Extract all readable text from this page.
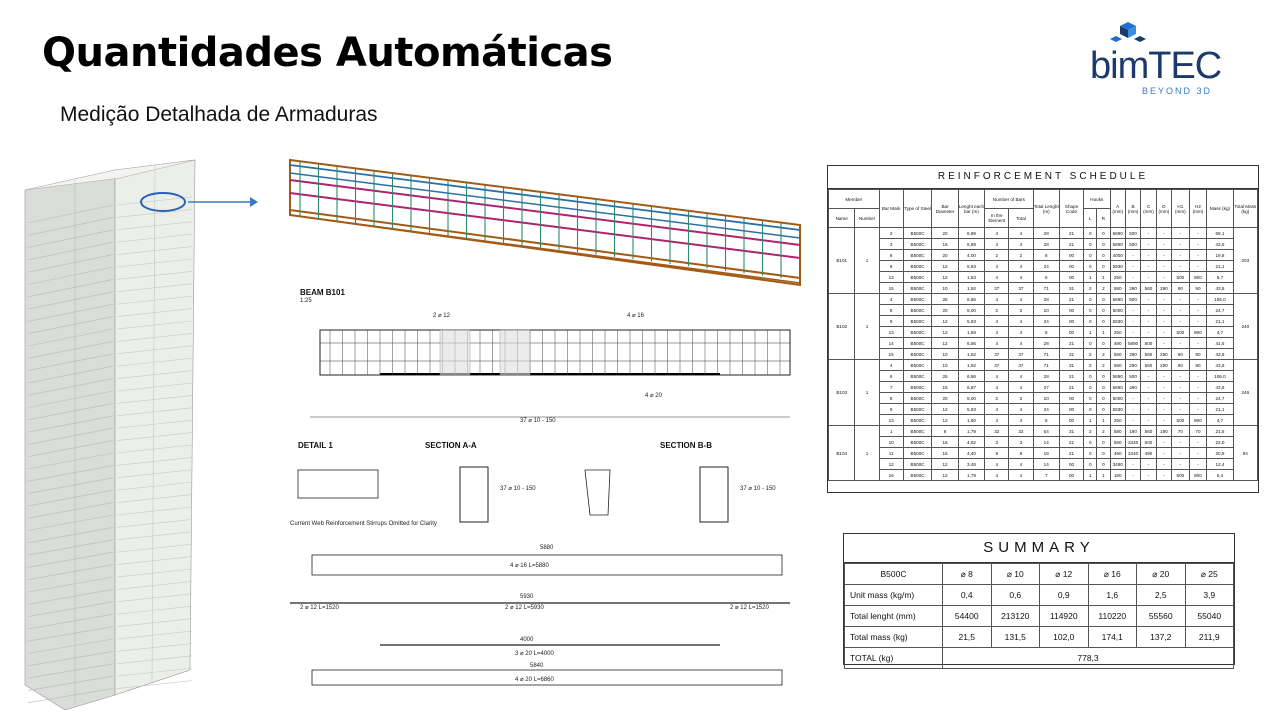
Quantidades Automáticas
Medição Detalhada de Armaduras
bimTEC
BEYOND 3D
BEAM B101
1:25
4 ⌀ 16
2 ⌀ 12
4 ⌀ 20
37 ⌀ 10 - 150
DETAIL 1
Current Web Reinforcement Stirrups Omitted for Clarity
SECTION A-A
37 ⌀ 10 - 150
SECTION B-B
37 ⌀ 10 - 150
5880
4 ⌀ 16 L=5880
5930
2 ⌀ 12 L=1520	2 ⌀ 12 L=5930	2 ⌀ 12 L=1520
4000
3 ⌀ 20 L=4000
5840
4 ⌀ 20 L=6860
REINFORCEMENT SCHEDULE
Member		Bar Mark	Type of Steel	Bar Diameter	Lenght each bar (m)	Number of Bars		Total Lenght (m)	Shape Code	Hooks		A (mm)	B (mm)	C (mm)	D (mm)	H1 (mm)	H2 (mm)	Mass (kg)	Total Mass (kg)
Name	Number					In the Element	Total			L	R								
B101	1	2	B500C	20	6,89	4	4	28	21	0	0	5890	500	-	-	-	-	69,1	203
		3	B500C	16	6,89	4	4	28	21	0	0	5890	500	-	-	-	-	43,5	
		8	B500C	20	4,00	2	2	8	00	0	0	4000	-	-	-	-	-	19,8	
		9	B500C	12	5,93	4	4	24	00	0	0	5930	-	-	-	-	-	21,1	
		13	B500C	12	1,53	4	4	6	00	1	1	250	-	-	-	500	800	5,7	
		15	B500C	10	1,92	37	37	71	31	2	2	580	290	560	290	90	90	43,8	
B102	1	4	B500C	25	6,86	4	4	28	21	0	0	5890	500	-	-	-	-	106,0	240
		8	B500C	20	5,00	2	2	10	00	0	0	5000	-	-	-	-	-	24,7	
		9	B500C	12	5,93	4	4	24	00	0	0	5930	-	-	-	-	-	21,1	
		13	B500C	12	1,59	4	4	6	00	1	1	250	-	-	-	500	800	4,7	
		14	B500C	12	6,86	4	4	28	21	0	0	490	5890	500	-	-	-	41,5	
		15	B500C	10	1,92	37	37	71	31	2	2	580	290	560	290	90	90	43,8	
B103	1	4	B500C	10	1,92	37	37	71	31	2	2	580	290	560	290	90	90	43,8	246
		6	B500C	25	6,86	4	4	28	21	0	0	5890	500	-	-	-	-	106,0	
		7	B500C	16	6,87	4	4	27	21	0	0	5890	490	-	-	-	-	43,6	
		8	B500C	20	5,00	2	2	10	00	0	0	5000	-	-	-	-	-	24,7	
		9	B500C	12	5,93	4	4	24	00	0	0	5930	-	-	-	-	-	21,1	
		13	B500C	12	1,60	4	4	6	00	1	1	250	-	-	-	500	800	4,7	
B104	1	1	B500C	8	1,79	32	32	54	31	2	2	580	190	560	190	70	70	21,5	94
		10	B500C	16	4,62	3	3	14	21	0	0	580	3440	600	-	-	-	22,0	
		11	B500C	16	4,40	8	8	18	21	0	0	490	3440	490	-	-	-	20,9	
		12	B500C	12	3,48	4	4	14	00	0	0	3480	-	-	-	-	-	12,4	
		16	B500C	12	1,79	4	4	7	00	1	1	180	-	-	-	500	800	6,4	
SUMMARY
B500C	⌀ 8	⌀ 10	⌀ 12	⌀ 16	⌀ 20	⌀ 25
Unit mass (kg/m)	0,4	0,6	0,9	1,6	2,5	3,9
Total lenght (mm)	54400	213120	114920	110220	55560	55040
Total mass (kg)	21,5	131,5	102,0	174,1	137,2	211,9
TOTAL (kg)	778,3					
